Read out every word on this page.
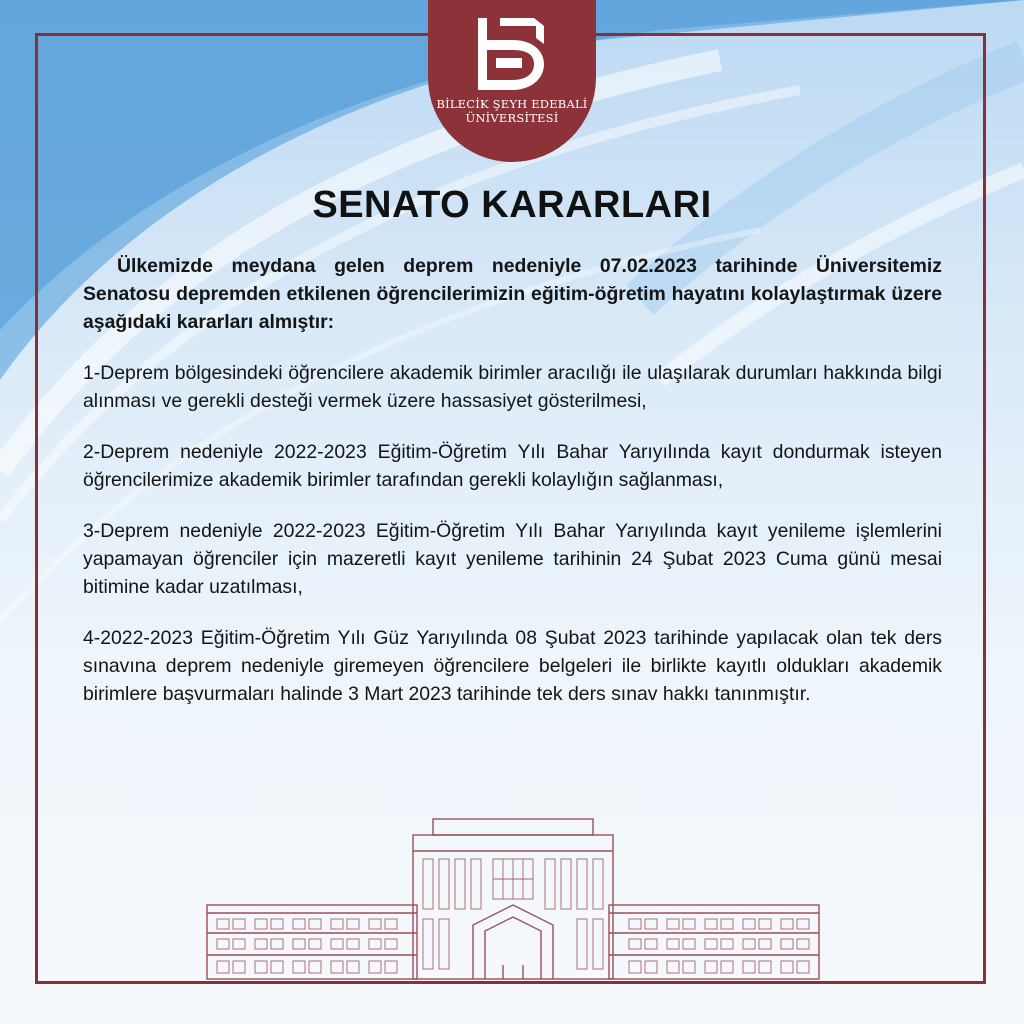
BİLECİK ŞEYH EDEBALİ
ÜNİVERSİTESİ
SENATO KARARLARI

Ülkemizde meydana gelen deprem nedeniyle 07.02.2023 tarihinde Üniversitemiz Senatosu depremden etkilenen öğrencilerimizin eğitim-öğretim hayatını kolaylaştırmak üzere aşağıdaki kararları almıştır:

1-Deprem bölgesindeki öğrencilere akademik birimler aracılığı ile ulaşılarak durumları hakkında bilgi alınması ve gerekli desteği vermek üzere hassasiyet gösterilmesi,

2-Deprem nedeniyle 2022-2023 Eğitim-Öğretim Yılı Bahar Yarıyılında kayıt dondurmak isteyen öğrencilerimize akademik birimler tarafından gerekli kolaylığın sağlanması,

3-Deprem nedeniyle 2022-2023 Eğitim-Öğretim Yılı Bahar Yarıyılında kayıt yenileme işlemlerini yapamayan öğrenciler için mazeretli kayıt yenileme tarihinin 24 Şubat 2023 Cuma günü mesai bitimine kadar uzatılması,

4-2022-2023 Eğitim-Öğretim Yılı Güz Yarıyılında 08 Şubat 2023 tarihinde yapılacak olan tek ders sınavına deprem nedeniyle giremeyen öğrencilere belgeleri ile birlikte kayıtlı oldukları akademik birimlere başvurmaları halinde 3 Mart 2023 tarihinde tek ders sınav hakkı tanınmıştır.
